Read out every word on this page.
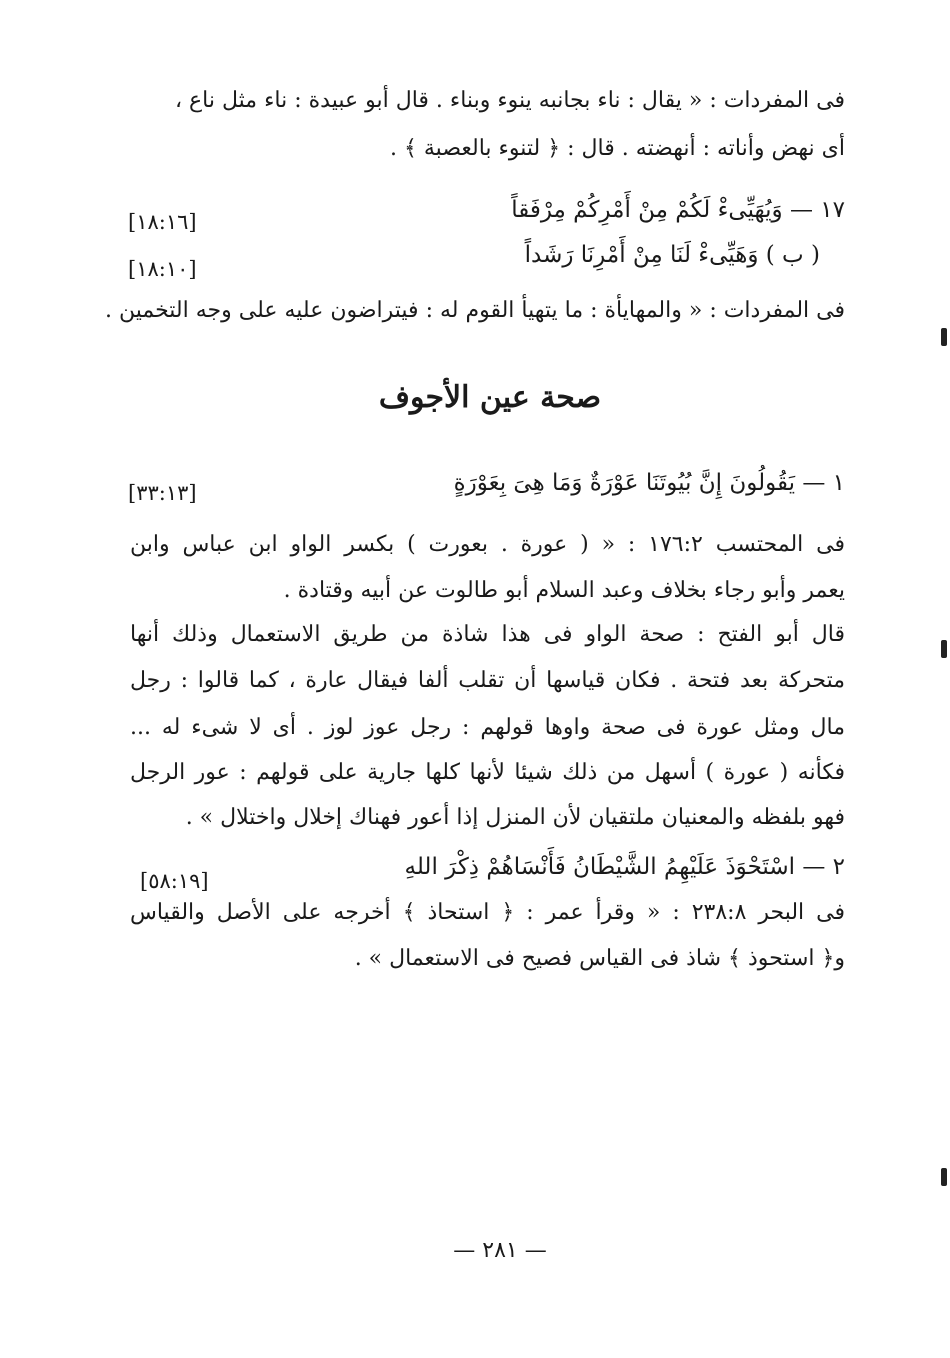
فى المفردات : « يقال : ناء بجانبه ينوء وبناء . قال أبو عبيدة : ناء مثل ناع ،
أى نهض وأناته : أنهضته . قال : ﴿ لتنوء بالعصبة ﴾ .
١٧ — وَيُهَيِّىءْ لَكُمْ مِنْ أَمْرِكُمْ مِرْفَقاً
[١٨:١٦]
( ب ) وَهَيِّىءْ لَنَا مِنْ أَمْرِنَا رَشَداً
[١٨:١٠]
فى المفردات : « والمهايأة : ما يتهيأ القوم له : فيتراضون عليه على وجه التخمين .
صحة عين الأجوف
١ — يَقُولُونَ إِنَّ بُيُوتَنَا عَوْرَةٌ وَمَا هِىَ بِعَوْرَةٍ
[٣٣:١٣]
فى المحتسب ١٧٦:٢ : « ( عورة . بعورت ) بكسر الواو ابن عباس وابن
يعمر وأبو رجاء بخلاف وعبد السلام أبو طالوت عن أبيه وقتادة .
قال أبو الفتح : صحة الواو فى هذا شاذة من طريق الاستعمال وذلك أنها
متحركة بعد فتحة . فكان قياسها أن تقلب ألفا فيقال عارة ، كما قالوا : رجل
مال ومثل عورة فى صحة واوها قولهم : رجل عوز لوز . أى لا شىء له ...
فكأنه ( عورة ) أسهل من ذلك شيئا لأنها كلها جارية على قولهم : عور الرجل
فهو بلفظه والمعنيان ملتقيان لأن المنزل إذا أعور فهناك إخلال واختلال » .
٢ — اسْتَحْوَذَ عَلَيْهِمُ الشَّيْطَانُ فَأَنْسَاهُمْ ذِكْرَ اللهِ
[٥٨:١٩]
فى البحر ٢٣٨:٨ : « وقرأ عمر : ﴿ استحاذ ﴾ أخرجه على الأصل والقياس
و﴿ استحوذ ﴾ شاذ فى القياس فصيح فى الاستعمال » .
— ٢٨١ —
